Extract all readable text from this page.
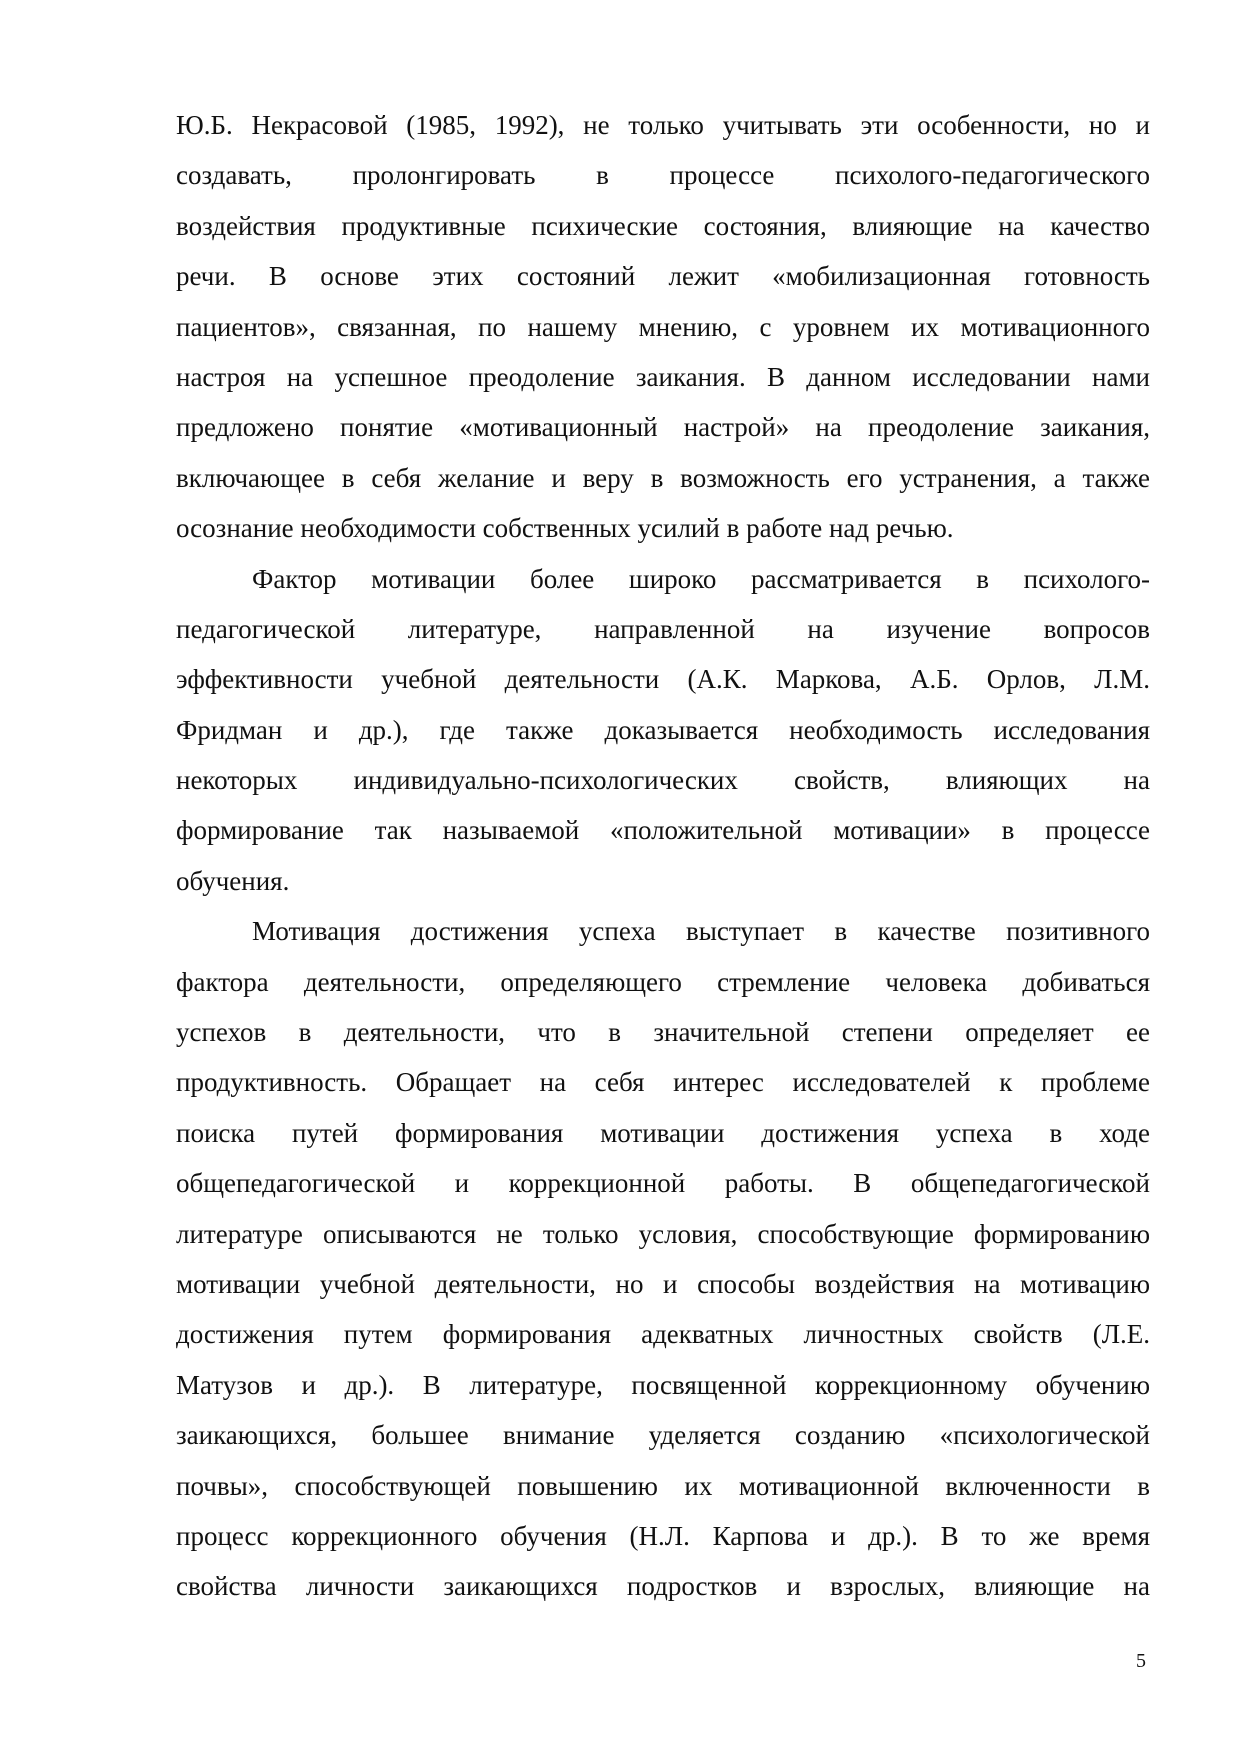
Ю.Б. Некрасовой (1985, 1992), не только учитывать эти особенности, но и
создавать, пролонгировать в процессе психолого-педагогического
воздействия продуктивные психические состояния, влияющие на качество
речи. В основе этих состояний лежит «мобилизационная готовность
пациентов», связанная, по нашему мнению, с уровнем их мотивационного
настроя на успешное преодоление заикания. В данном исследовании нами
предложено понятие «мотивационный настрой» на преодоление заикания,
включающее в себя желание и веру в возможность его устранения, а также
осознание необходимости собственных усилий в работе над речью.
Фактор мотивации более широко рассматривается в психолого-
педагогической литературе, направленной на изучение вопросов
эффективности учебной деятельности (А.К. Маркова, А.Б. Орлов, Л.М.
Фридман и др.), где также доказывается необходимость исследования
некоторых индивидуально-психологических свойств, влияющих на
формирование так называемой «положительной мотивации» в процессе
обучения.
Мотивация достижения успеха выступает в качестве позитивного
фактора деятельности, определяющего стремление человека добиваться
успехов в деятельности, что в значительной степени определяет ее
продуктивность. Обращает на себя интерес исследователей к проблеме
поиска путей формирования мотивации достижения успеха в ходе
общепедагогической и коррекционной работы. В общепедагогической
литературе описываются не только условия, способствующие формированию
мотивации учебной деятельности, но и способы воздействия на мотивацию
достижения путем формирования адекватных личностных свойств (Л.Е.
Матузов и др.). В литературе, посвященной коррекционному обучению
заикающихся, большее внимание уделяется созданию «психологической
почвы», способствующей повышению их мотивационной включенности в
процесс коррекционного обучения (Н.Л. Карпова и др.). В то же время
свойства личности заикающихся подростков и взрослых, влияющие на
5
